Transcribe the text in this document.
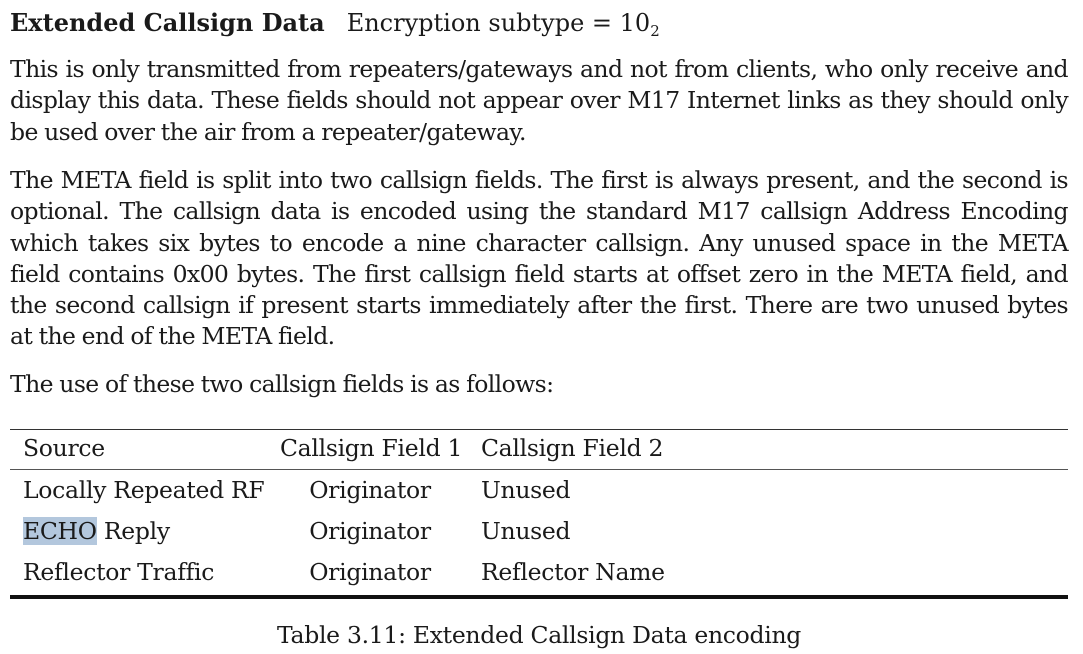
Extended Callsign Data Encryption subtype = $10_2$

This is only transmitted from repeaters/gateways and not from clients, who only receive and display this data. These fields should not appear over M17 Internet links as they should only be used over the air from a repeater/gateway.

The META field is split into two callsign fields. The first is always present, and the second is optional. The callsign data is encoded using the standard M17 callsign Address Encoding which takes six bytes to encode a nine character callsign. Any unused space in the META field contains 0x00 bytes. The first callsign field starts at offset zero in the META field, and the second callsign if present starts immediately after the first. There are two unused bytes at the end of the META field.

The use of these two callsign fields is as follows:

Source	Callsign Field 1 Callsign Field 2
Locally Repeated RF	Originator	Unused
ECHO Reply	Originator	Unused
Reflector Traffic	Originator	Reflector Name
Table 3.11: Extended Callsign Data encoding
